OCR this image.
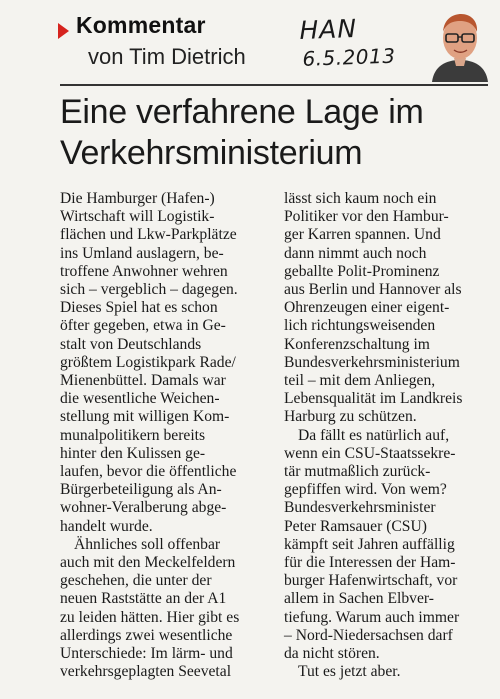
Kommentar
von Tim Dietrich
HAN
6.5.2013
Eine verfahrene Lage im
Verkehrsministerium

Die Hamburger (Hafen-)
Wirtschaft will Logistik-
flächen und Lkw-Parkplätze
ins Umland auslagern, be-
troffene Anwohner wehren
sich – vergeblich – dagegen.
Dieses Spiel hat es schon
öfter gegeben, etwa in Ge-
stalt von Deutschlands
größtem Logistikpark Rade/
Mienenbüttel. Damals war
die wesentliche Weichen-
stellung mit willigen Kom-
munalpolitikern bereits
hinter den Kulissen ge-
laufen, bevor die öffentliche
Bürgerbeteiligung als An-
wohner-Veralberung abge-
handelt wurde.
Ähnliches soll offenbar
auch mit den Meckelfeldern
geschehen, die unter der
neuen Raststätte an der A1
zu leiden hätten. Hier gibt es
allerdings zwei wesentliche
Unterschiede: Im lärm- und
verkehrsgeplagten Seevetal
lässt sich kaum noch ein
Politiker vor den Hambur-
ger Karren spannen. Und
dann nimmt auch noch
geballte Polit-Prominenz
aus Berlin und Hannover als
Ohrenzeugen einer eigent-
lich richtungsweisenden
Konferenzschaltung im
Bundesverkehrsministerium
teil – mit dem Anliegen,
Lebensqualität im Landkreis
Harburg zu schützen.
Da fällt es natürlich auf,
wenn ein CSU-Staatssekre-
tär mutmaßlich zurück-
gepfiffen wird. Von wem?
Bundesverkehrsminister
Peter Ramsauer (CSU)
kämpft seit Jahren auffällig
für die Interessen der Ham-
burger Hafenwirtschaft, vor
allem in Sachen Elbver-
tiefung. Warum auch immer
– Nord-Niedersachsen darf
da nicht stören.
Tut es jetzt aber.
